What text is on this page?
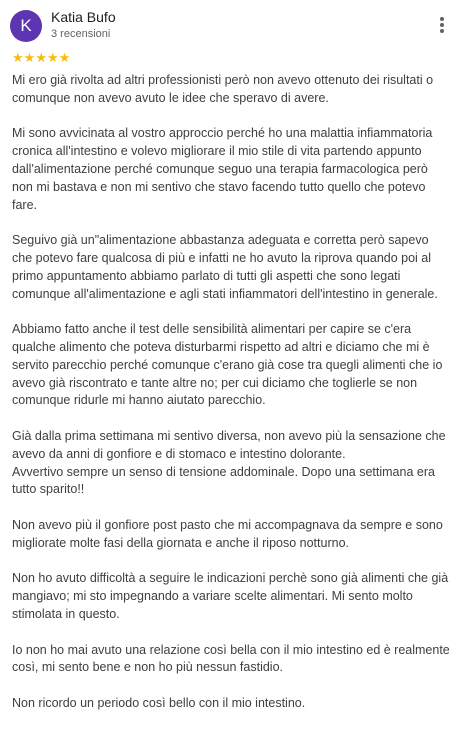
K	Katia Bufo
3 recensioni
★★★★★

Mi ero già rivolta ad altri professionisti però non avevo ottenuto dei risultati o
comunque non avevo avuto le idee che speravo di avere.

Mi sono avvicinata al vostro approccio perché ho una malattia infiammatoria
cronica all'intestino e volevo migliorare il mio stile di vita partendo appunto
dall'alimentazione perché comunque seguo una terapia farmacologica però
non mi bastava e non mi sentivo che stavo facendo tutto quello che potevo
fare.

Seguivo già un"alimentazione abbastanza adeguata e corretta però sapevo
che potevo fare qualcosa di più e infatti ne ho avuto la riprova quando poi al
primo appuntamento abbiamo parlato di tutti gli aspetti che sono legati
comunque all'alimentazione e agli stati infiammatori dell'intestino in generale.

Abbiamo fatto anche il test delle sensibilità alimentari per capire se c'era
qualche alimento che poteva disturbarmi rispetto ad altri e diciamo che mi è
servito parecchio perché comunque c'erano già cose tra quegli alimenti che io
avevo già riscontrato e tante altre no; per cui diciamo che toglierle se non
comunque ridurle mi hanno aiutato parecchio.

Già dalla prima settimana mi sentivo diversa, non avevo più la sensazione che
avevo da anni di gonfiore e di stomaco e intestino dolorante.
Avvertivo sempre un senso di tensione addominale. Dopo una settimana era
tutto sparito!!

Non avevo più il gonfiore post pasto che mi accompagnava da sempre e sono
migliorate molte fasi della giornata e anche il riposo notturno.

Non ho avuto difficoltà a seguire le indicazioni perchè sono già alimenti che già
mangiavo; mi sto impegnando a variare scelte alimentari. Mi sento molto
stimolata in questo.

Io non ho mai avuto una relazione così bella con il mio intestino ed è realmente
così, mi sento bene e non ho più nessun fastidio.

Non ricordo un periodo così bello con il mio intestino.
